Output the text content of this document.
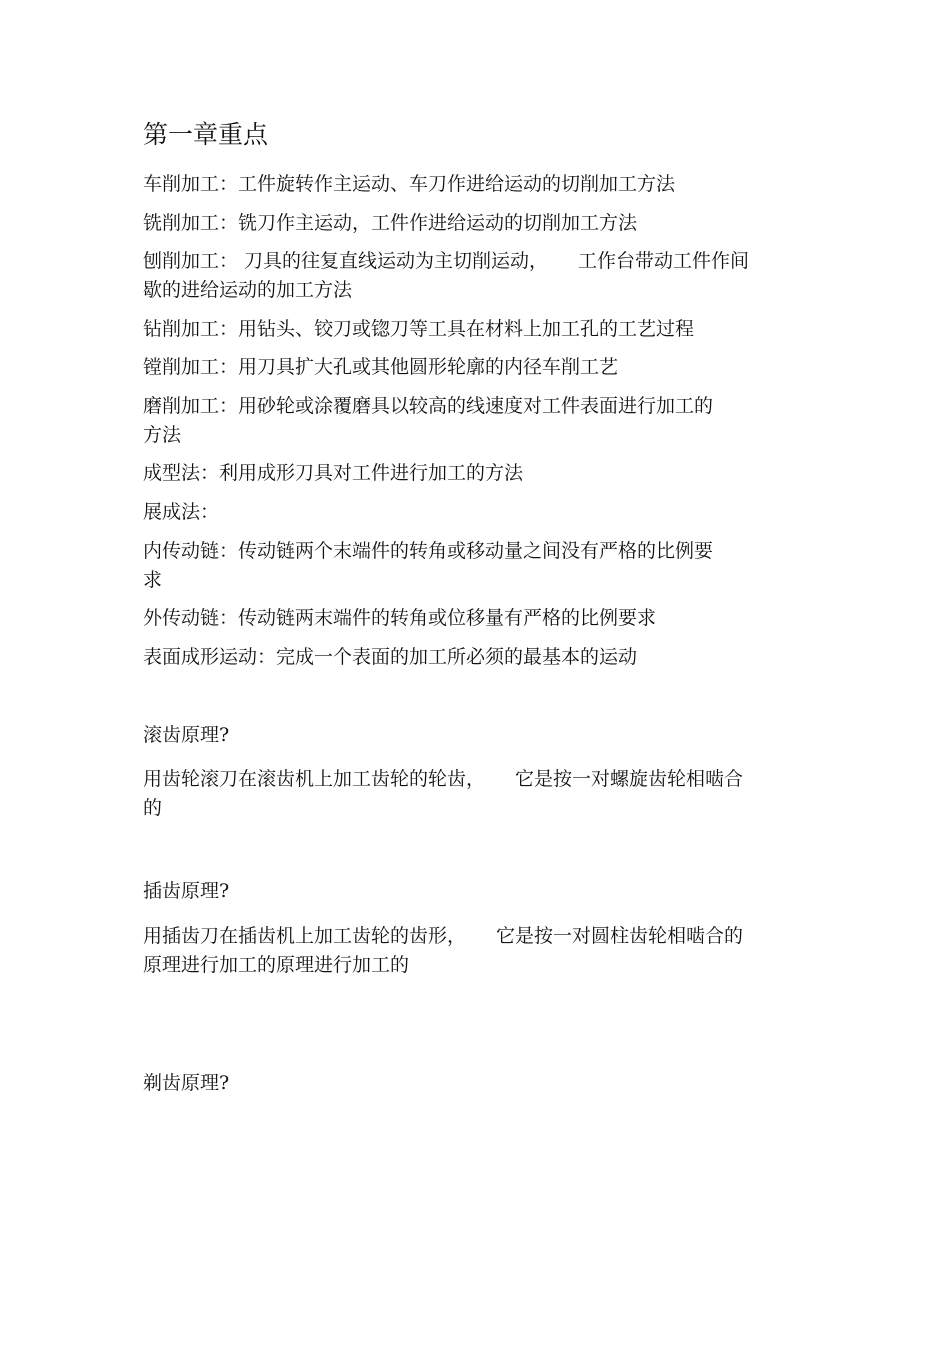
第一章重点
车削加工：工件旋转作主运动、车刀作进给运动的切削加工方法
铣削加工：铣刀作主运动，工件作进给运动的切削加工方法
刨削加工： 刀具的往复直线运动为主切削运动， 工作台带动工件作间
歇的进给运动的加工方法
钻削加工：用钻头、铰刀或锪刀等工具在材料上加工孔的工艺过程
镗削加工：用刀具扩大孔或其他圆形轮廓的内径车削工艺
磨削加工：用砂轮或涂覆磨具以较高的线速度对工件表面进行加工的
方法
成型法：利用成形刀具对工件进行加工的方法
展成法：
内传动链：传动链两个末端件的转角或移动量之间没有严格的比例要
求
外传动链：传动链两末端件的转角或位移量有严格的比例要求
表面成形运动：完成一个表面的加工所必须的最基本的运动
滚齿原理?
用齿轮滚刀在滚齿机上加工齿轮的轮齿， 它是按一对螺旋齿轮相啮合
的
插齿原理?
用插齿刀在插齿机上加工齿轮的齿形， 它是按一对圆柱齿轮相啮合的
原理进行加工的原理进行加工的
剃齿原理?
